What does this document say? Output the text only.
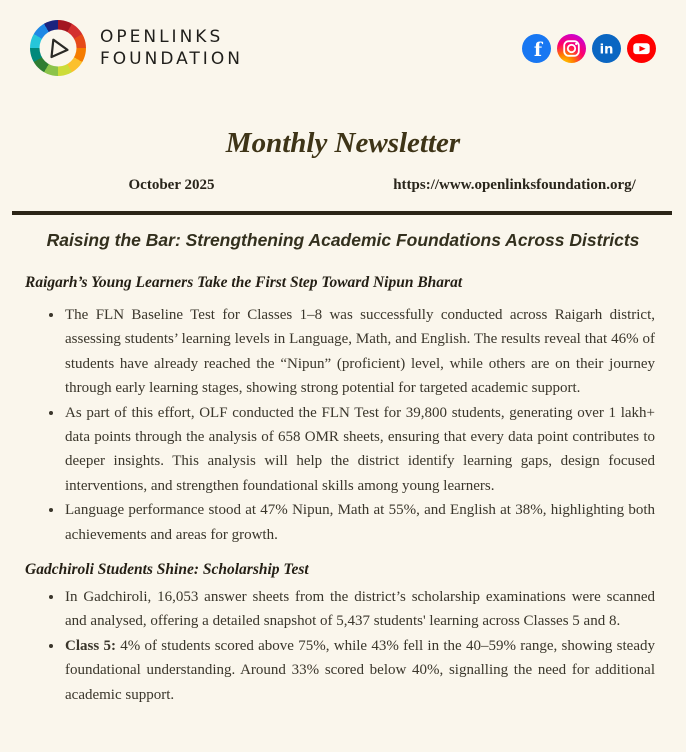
OPENLINKS
FOUNDATION	f	in
Monthly Newsletter
October 2025	https://www.openlinksfoundation.org/
Raising the Bar: Strengthening Academic Foundations Across Districts
Raigarh’s Young Learners Take the First Step Toward Nipun Bharat
• The FLN Baseline Test for Classes 1–8 was successfully conducted across Raigarh district, assessing students’ learning levels in Language, Math, and English. The results reveal that 46% of students have already reached the “Nipun” (proficient) level, while others are on their journey through early learning stages, showing strong potential for targeted academic support.
• As part of this effort, OLF conducted the FLN Test for 39,800 students, generating over 1 lakh+ data points through the analysis of 658 OMR sheets, ensuring that every data point contributes to deeper insights. This analysis will help the district identify learning gaps, design focused interventions, and strengthen foundational skills among young learners.
• Language performance stood at 47% Nipun, Math at 55%, and English at 38%, highlighting both achievements and areas for growth.
Gadchiroli Students Shine: Scholarship Test
• In Gadchiroli, 16,053 answer sheets from the district’s scholarship examinations were scanned and analysed, offering a detailed snapshot of 5,437 students' learning across Classes 5 and 8.
• Class 5: 4% of students scored above 75%, while 43% fell in the 40–59% range, showing steady foundational understanding. Around 33% scored below 40%, signalling the need for additional academic support.
